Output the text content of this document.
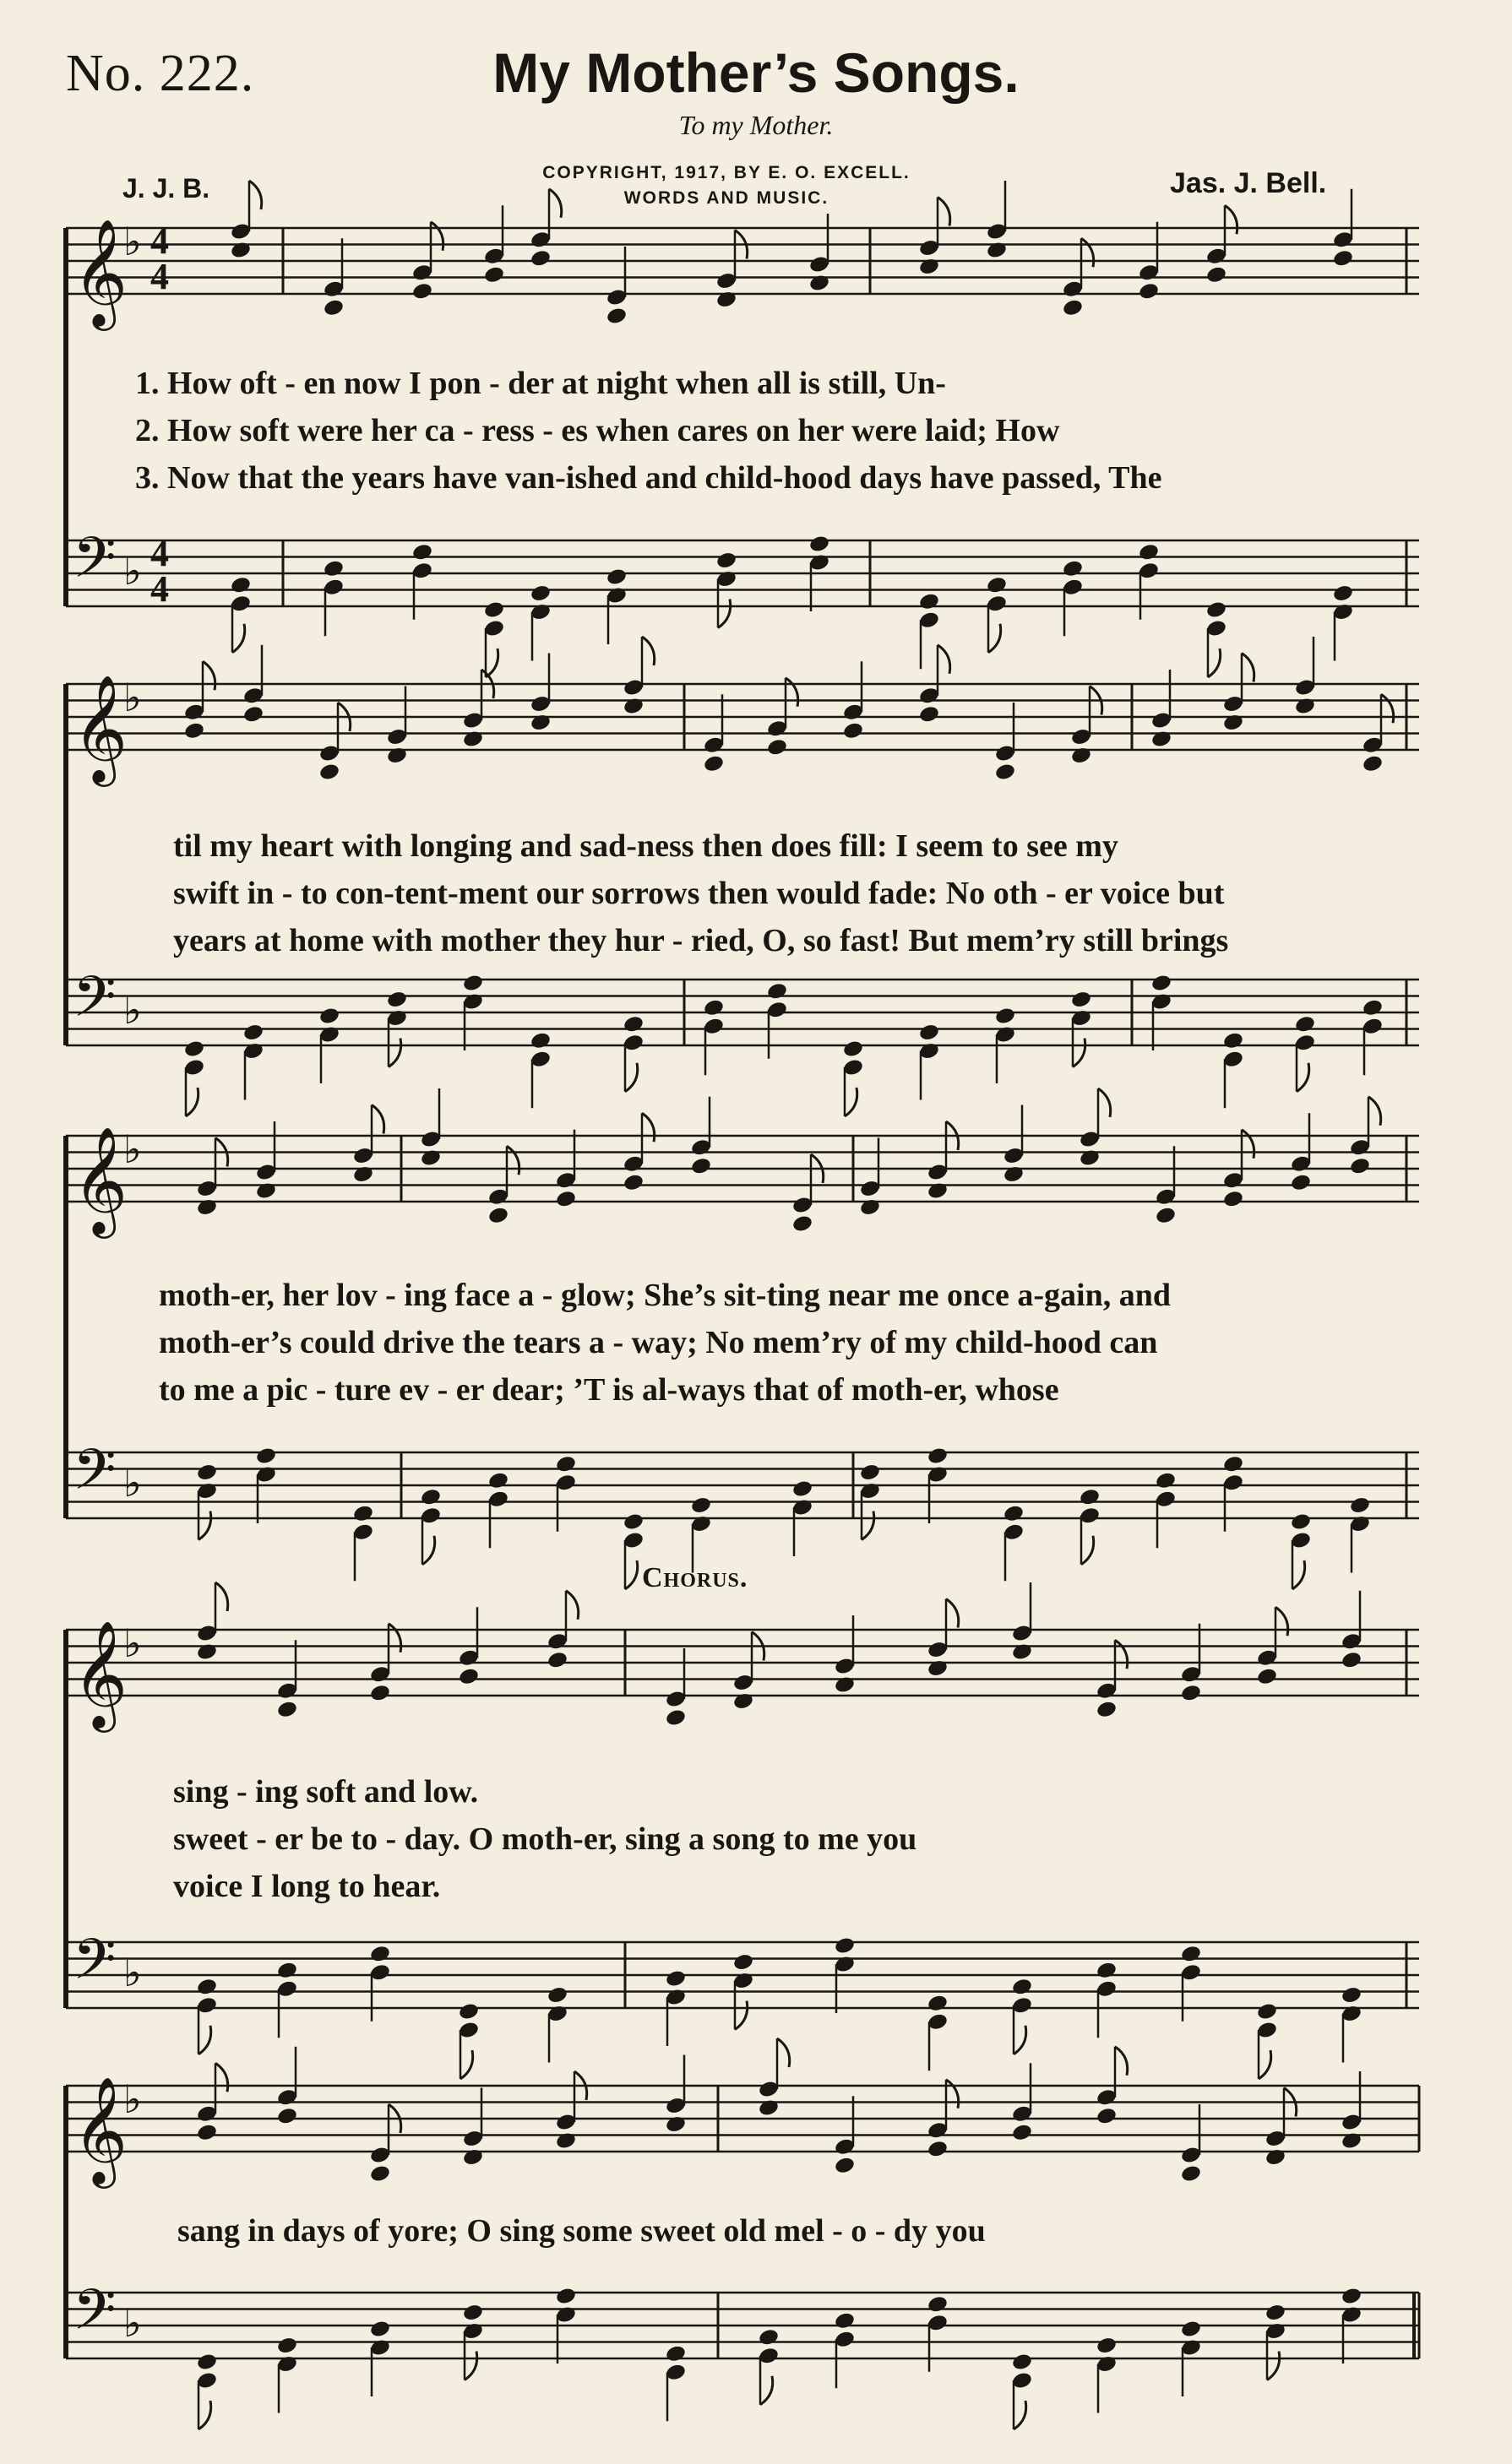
No. 222.	My Mother’s Songs.
To my Mother.
J. J. B.
COPYRIGHT, 1917, BY E. O. EXCELL.
WORDS AND MUSIC.	Jas. J. Bell.
𝄞
♭
𝄢 ♭
𝄞
♭
𝄢 ♭
𝄞
♭
𝄢 ♭
𝄞
♭
𝄢 ♭
𝄞
♭
𝄢 ♭
4
4
4
4
1. How oft - en now I pon - der at night when all is still, Un-
2. How soft were her ca - ress - es when cares on her were laid; How
3. Now that the years have van-ished and child-hood days have passed, The
til my heart with longing and sad-ness then does fill: I seem to see my
swift in - to con-tent-ment our sorrows then would fade: No oth - er voice but
years at home with mother they hur - ried, O, so fast! But mem’ry still brings
moth-er, her lov - ing face a - glow; She’s sit-ting near me once a-gain, and
moth-er’s could drive the tears a - way; No mem’ry of my child-hood can
to me a pic - ture ev - er dear; ’T is al-ways that of moth-er, whose
Chorus.
sing - ing soft and low.
sweet - er be to - day. O moth-er, sing a song to me you
voice I long to hear.
sang in days of yore; O sing some sweet old mel - o - dy you
